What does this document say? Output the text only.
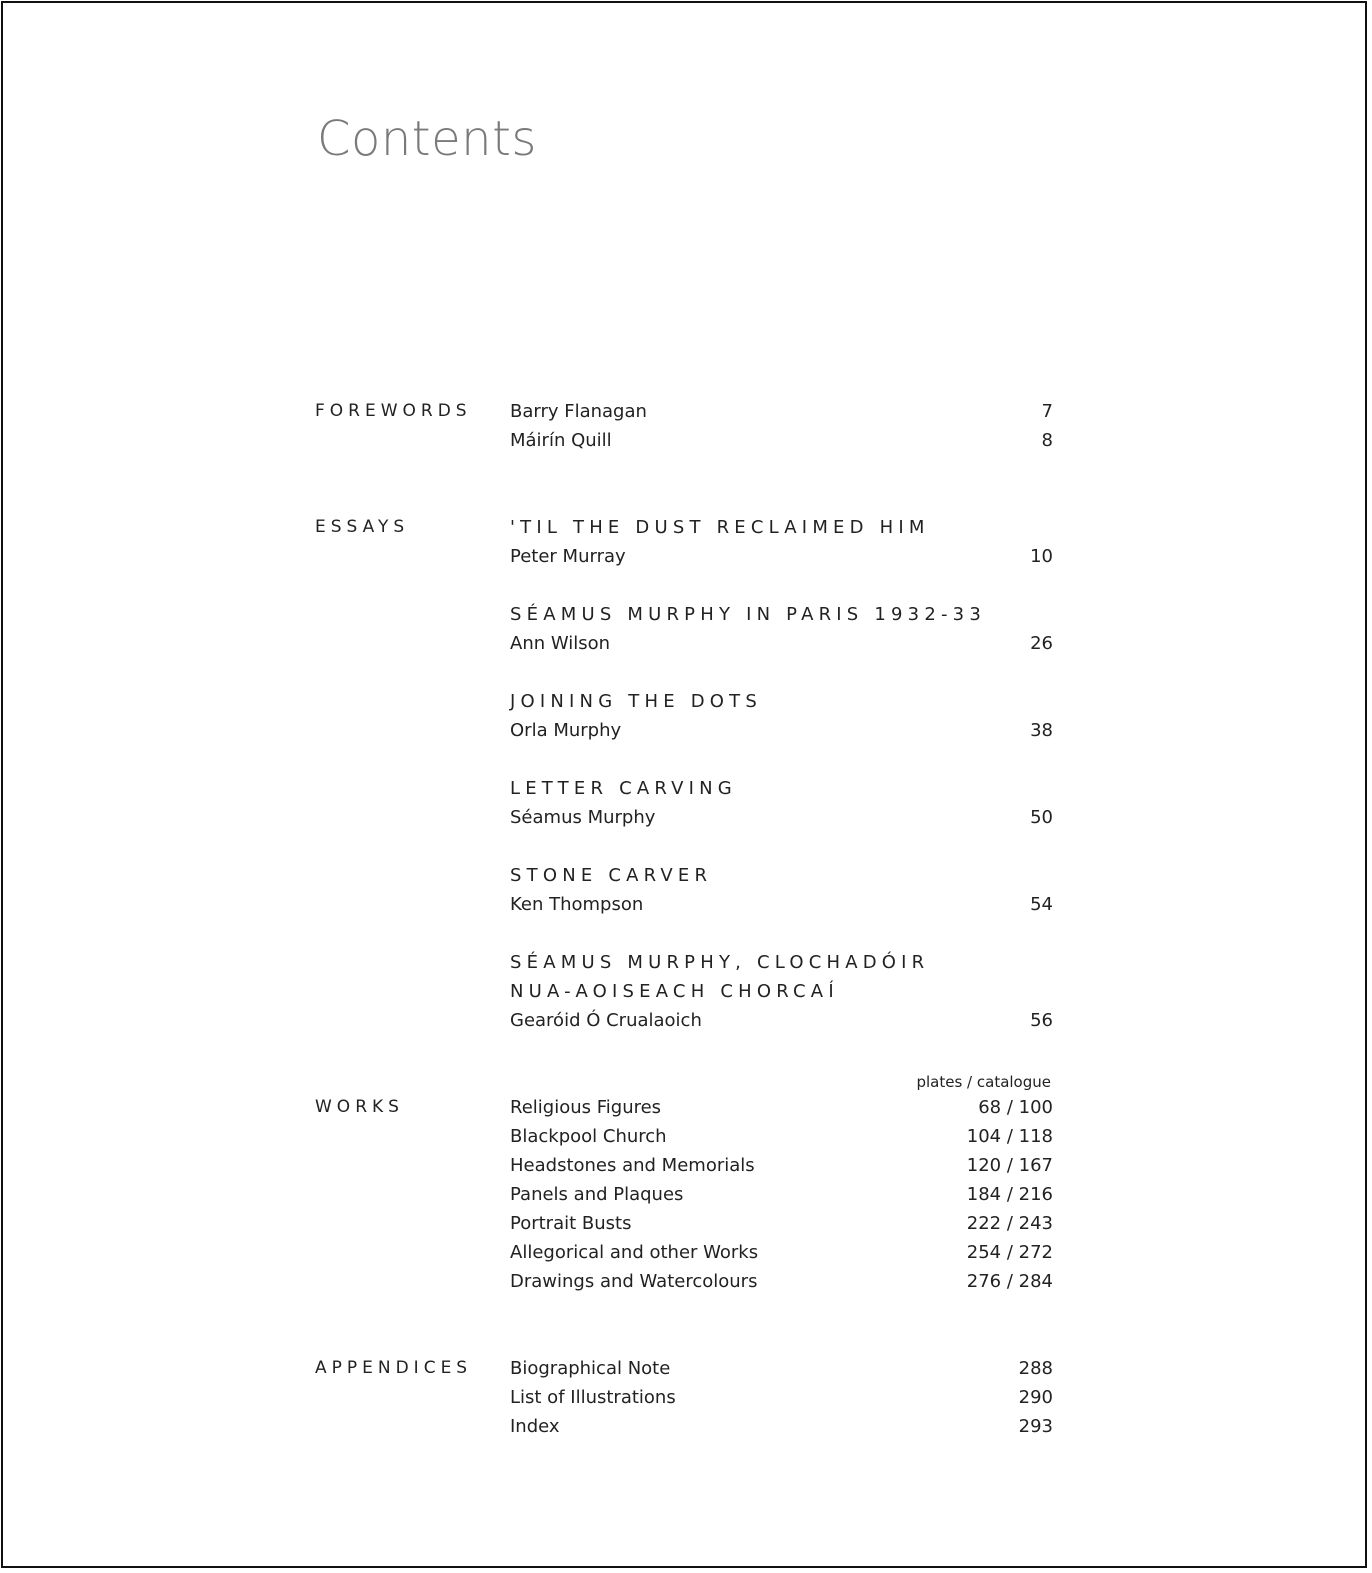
Contents
FOREWORDS Barry Flanagan	7
Máirín Quill	8
ESSAYS	'TIL THE DUST RECLAIMED HIM
Peter Murray	10
SÉAMUS MURPHY IN PARIS 1932-33
Ann Wilson	26
JOINING THE DOTS
Orla Murphy	38
LETTER CARVING
Séamus Murphy	50
STONE CARVER
Ken Thompson	54
SÉAMUS MURPHY, CLOCHADÓIR
NUA-AOISEACH CHORCAÍ
Gearóid Ó Crualaoich	56
plates / catalogue
WORKS	Religious Figures	68 / 100
Blackpool Church	104 / 118
Headstones and Memorials	120 / 167
Panels and Plaques	184 / 216
Portrait Busts	222 / 243
Allegorical and other Works	254 / 272
Drawings and Watercolours	276 / 284
APPENDICES Biographical Note	288
List of Illustrations	290
Index	293
